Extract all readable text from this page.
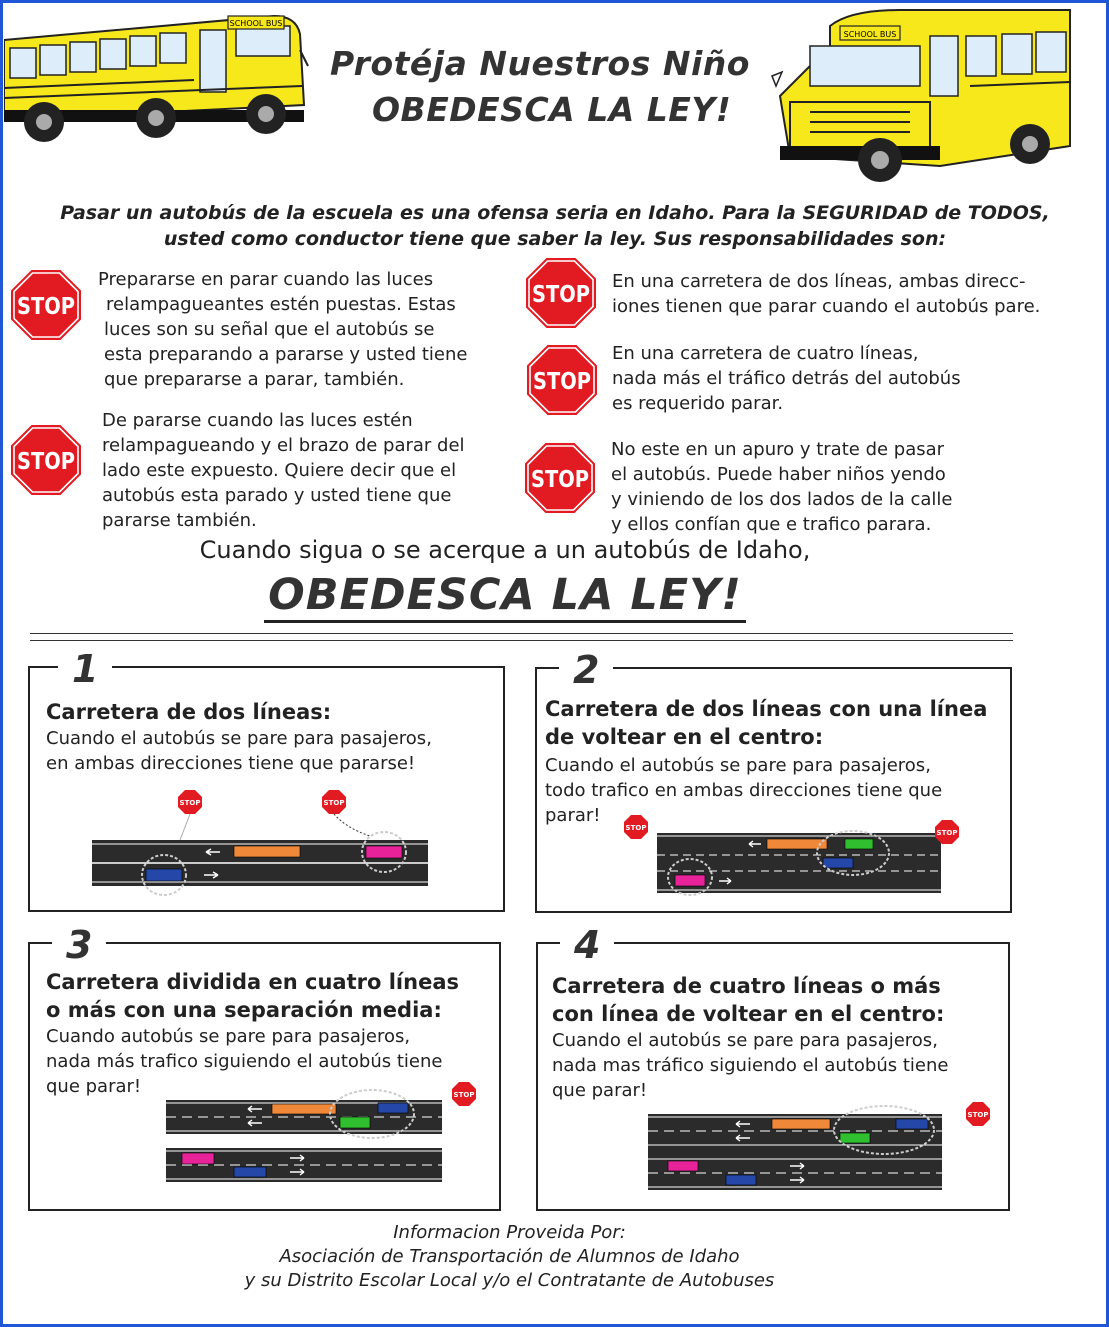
SCHOOL BUS
SCHOOL BUS
Protéja Nuestros Niño
OBEDESCA LA LEY!
Pasar un autobús de la escuela es una ofensa seria en Idaho. Para la SEGURIDAD de TODOS,
usted como conductor tiene que saber la ley. Sus responsabilidades son:
STOP
STOP
STOP
STOP
STOP
Prepararse en parar cuando las luces
relampagueantes estén puestas. Estas
luces son su señal que el autobús se
esta preparando a pararse y usted tiene
que prepararse a parar, también.
De pararse cuando las luces estén
relampagueando y el brazo de parar del
lado este expuesto. Quiere decir que el
autobús esta parado y usted tiene que
pararse también.
En una carretera de dos líneas, ambas direcc-
iones tienen que parar cuando el autobús pare.
En una carretera de cuatro líneas,
nada más el tráfico detrás del autobús
es requerido parar.
No este en un apuro y trate de pasar
el autobús. Puede haber niños yendo
y viniendo de los dos lados de la calle
y ellos confían que e trafico parara.
Cuando sigua o se acerque a un autobús de Idaho,
OBEDESCA LA LEY!
1
Carretera de dos líneas:
Cuando el autobús se pare para pasajeros,
en ambas direcciones tiene que pararse!
STOP	STOP
2
Carretera de dos líneas con una línea
de voltear en el centro:
Cuando el autobús se pare para pasajeros,
todo trafico en ambas direcciones tiene que
parar!
STOP
STOP
3
Carretera dividida en cuatro líneas
o más con una separación media:
Cuando autobús se pare para pasajeros,
nada más trafico siguiendo el autobús tiene
que parar!	STOP
4
Carretera de cuatro líneas o más
con línea de voltear en el centro:
Cuando el autobús se pare para pasajeros,
nada mas tráfico siguiendo el autobús tiene
que parar!
STOP
Informacion Proveida Por:
Asociación de Transportación de Alumnos de Idaho
y su Distrito Escolar Local y/o el Contratante de Autobuses
